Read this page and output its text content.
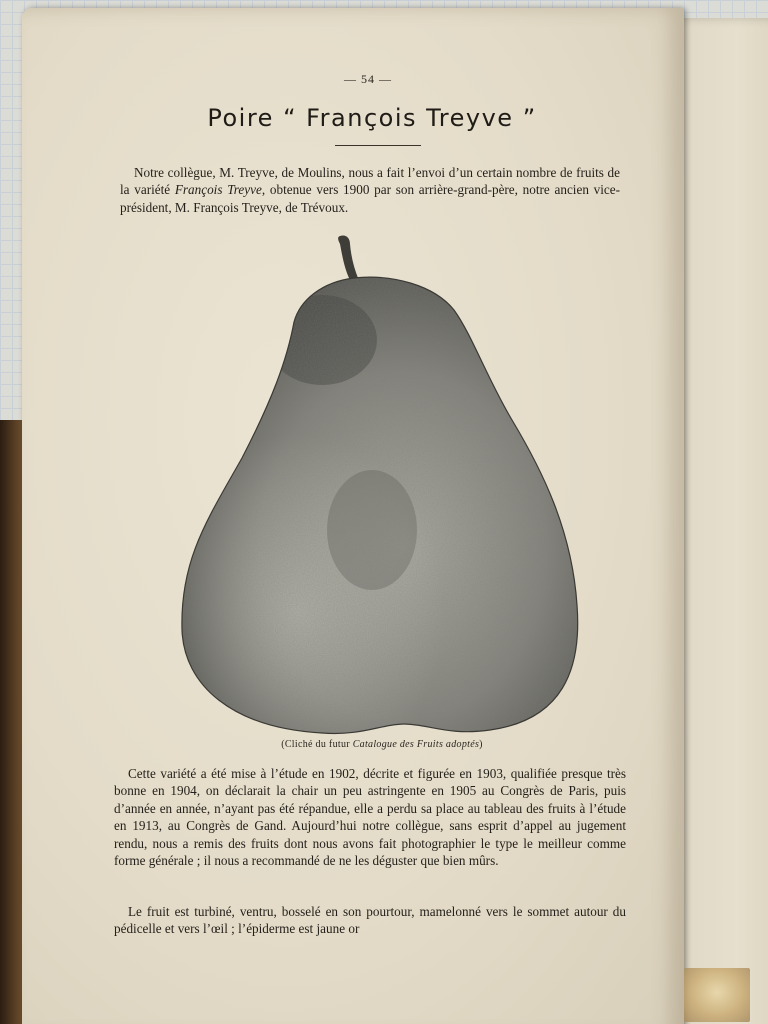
— 54 —
Poire “ François Treyve ”

Notre collègue, M. Treyve, de Moulins, nous a fait l’envoi d’un certain nombre de fruits de la variété François Treyve, obtenue vers 1900 par son arrière-grand-père, notre ancien vice-président, M. François Treyve, de Trévoux.

(Cliché du futur Catalogue des Fruits adoptés)

Cette variété a été mise à l’étude en 1902, décrite et figurée en 1903, qualifiée presque très bonne en 1904, on déclarait la chair un peu astringente en 1905 au Congrès de Paris, puis d’année en année, n’ayant pas été répandue, elle a perdu sa place au tableau des fruits à l’étude en 1913, au Congrès de Gand. Aujourd’hui notre collègue, sans esprit d’appel au jugement rendu, nous a remis des fruits dont nous avons fait photographier le type le meilleur comme forme générale ; il nous a recommandé de ne les déguster que bien mûrs.

Le fruit est turbiné, ventru, bosselé en son pourtour, mamelonné vers le sommet autour du pédicelle et vers l’œil ; l’épiderme est jaune or
